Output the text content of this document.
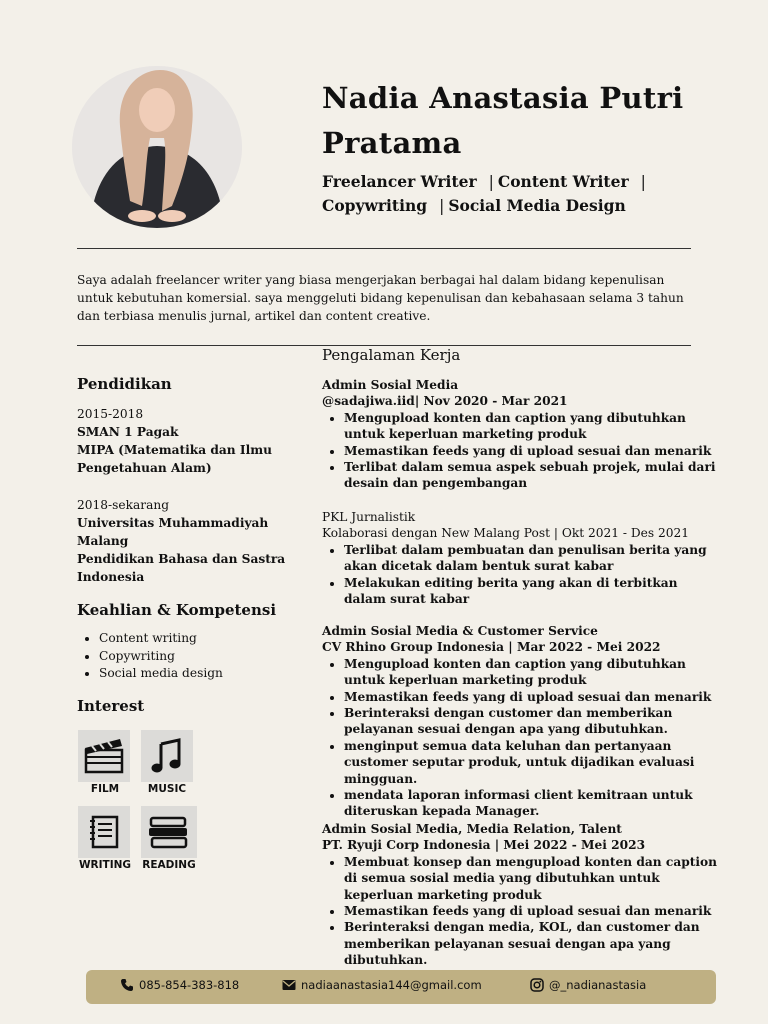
Nadia Anastasia Putri
Pratama
Freelancer Writer | Content Writer |
Copywriting | Social Media Design
Saya adalah freelancer writer yang biasa mengerjakan berbagai hal dalam bidang kepenulisan untuk kebutuhan komersial. saya menggeluti bidang kepenulisan dan kebahasaan selama 3 tahun dan terbiasa menulis jurnal, artikel dan content creative.
Pendidikan
2015-2018
SMAN 1 Pagak
MIPA (Matematika dan Ilmu
Pengetahuan Alam)
2018-sekarang
Universitas Muhammadiyah
Malang
Pendidikan Bahasa dan Sastra
Indonesia
Keahlian & Kompetensi
• Content writing
• Copywriting
• Social media design
Interest
FILM	MUSIC
WRITING	READING
Pengalaman Kerja
Admin Sosial Media
@sadajiwa.iid| Nov 2020 - Mar 2021
• Mengupload konten dan caption yang dibutuhkan untuk keperluan marketing produk
• Memastikan feeds yang di upload sesuai dan menarik
• Terlibat dalam semua aspek sebuah projek, mulai dari desain dan pengembangan
PKL Jurnalistik
Kolaborasi dengan New Malang Post | Okt 2021 - Des 2021
• Terlibat dalam pembuatan dan penulisan berita yang akan dicetak dalam bentuk surat kabar
• Melakukan editing berita yang akan di terbitkan dalam surat kabar
Admin Sosial Media & Customer Service
CV Rhino Group Indonesia | Mar 2022 - Mei 2022
• Mengupload konten dan caption yang dibutuhkan untuk keperluan marketing produk
• Memastikan feeds yang di upload sesuai dan menarik
• Berinteraksi dengan customer dan memberikan pelayanan sesuai dengan apa yang dibutuhkan.
• menginput semua data keluhan dan pertanyaan customer seputar produk, untuk dijadikan evaluasi mingguan.
• mendata laporan informasi client kemitraan untuk diteruskan kepada Manager.
Admin Sosial Media, Media Relation, Talent
PT. Ryuji Corp Indonesia | Mei 2022 - Mei 2023
• Membuat konsep dan mengupload konten dan caption di semua sosial media yang dibutuhkan untuk keperluan marketing produk
• Memastikan feeds yang di upload sesuai dan menarik
• Berinteraksi dengan media, KOL, dan customer dan memberikan pelayanan sesuai dengan apa yang dibutuhkan.
085-854-383-818	nadiaanastasia144@gmail.com	@_nadianastasia
